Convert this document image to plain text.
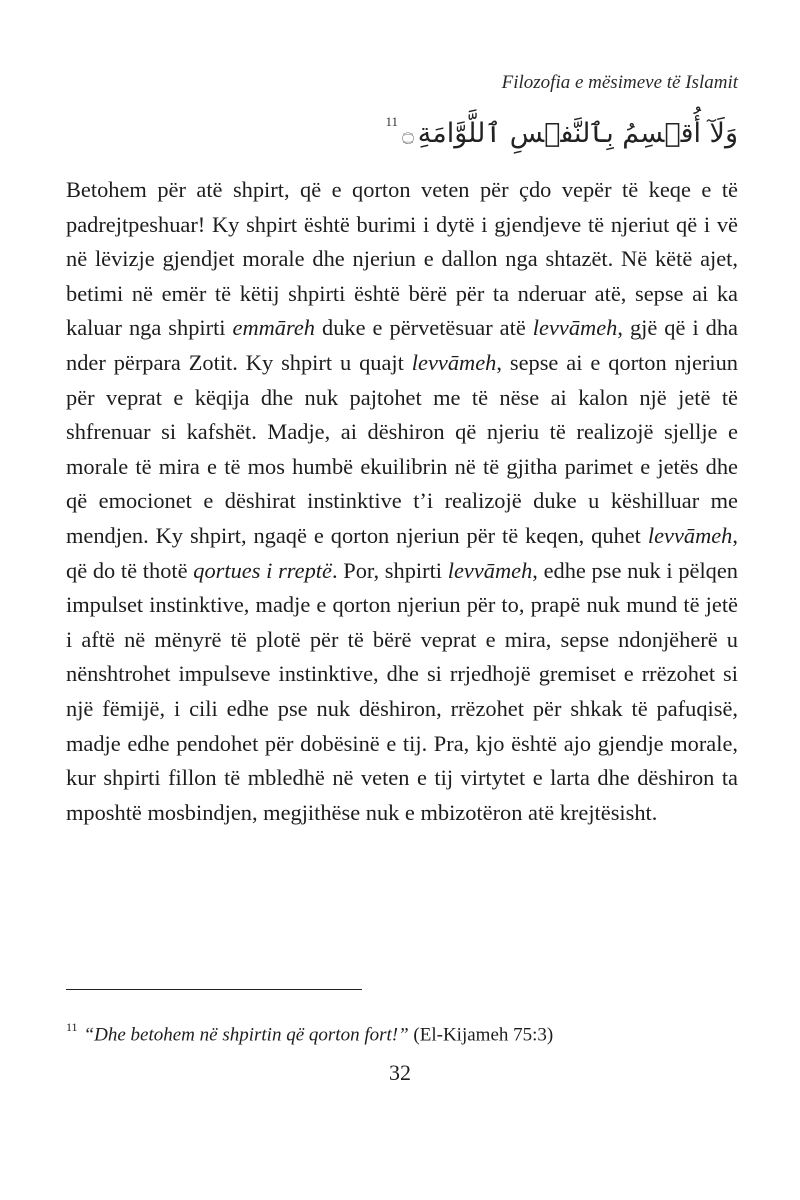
Filozofia e mësimeve të Islamit
وَلَآ أُقۡسِمُ بِٱلنَّفۡسِ ٱللَّوَّامَةِ
۝
11

Betohem për atë shpirt, që e qorton veten për çdo vepër të keqe e të padrejtpeshuar! Ky shpirt është burimi i dytë i gjendjeve të njeriut që i vë në lëvizje gjendjet morale dhe njeriun e dallon nga shtazët. Në këtë ajet, betimi në emër të këtij shpirti është bërë për ta nderuar atë, sepse ai ka kaluar nga shpirti emmāreh duke e përvetësuar atë levvāmeh, gjë që i dha nder përpara Zotit. Ky shpirt u quajt levvāmeh, sepse ai e qorton njeriun për veprat e këqija dhe nuk pajtohet me të nëse ai kalon një jetë të shfrenuar si kafshët. Madje, ai dëshiron që njeriu të realizojë sjellje e morale të mira e të mos humbë ekuilibrin në të gjitha parimet e jetës dhe që emocionet e dëshirat instinktive t’i realizojë duke u këshilluar me mendjen. Ky shpirt, ngaqë e qorton njeriun për të keqen, quhet levvāmeh, që do të thotë qortues i rreptë. Por, shpirti levvāmeh, edhe pse nuk i pëlqen impulset instinktive, madje e qorton njeriun për to, prapë nuk mund të jetë i aftë në mënyrë të plotë për të bërë veprat e mira, sepse ndonjëherë u nënshtrohet impulseve instinktive, dhe si rrjedhojë gremiset e rrëzohet si një fëmijë, i cili edhe pse nuk dëshiron, rrëzohet për shkak të pafuqisë, madje edhe pendohet për dobësinë e tij. Pra, kjo është ajo gjendje morale, kur shpirti fillon të mbledhë në veten e tij virtytet e larta dhe dëshiron ta mposhtë mosbindjen, megjithëse nuk e mbizotëron atë krejtësisht.

$^{11}$ “Dhe betohem në shpirtin që qorton fort!” (El-Kijameh 75:3)
32
